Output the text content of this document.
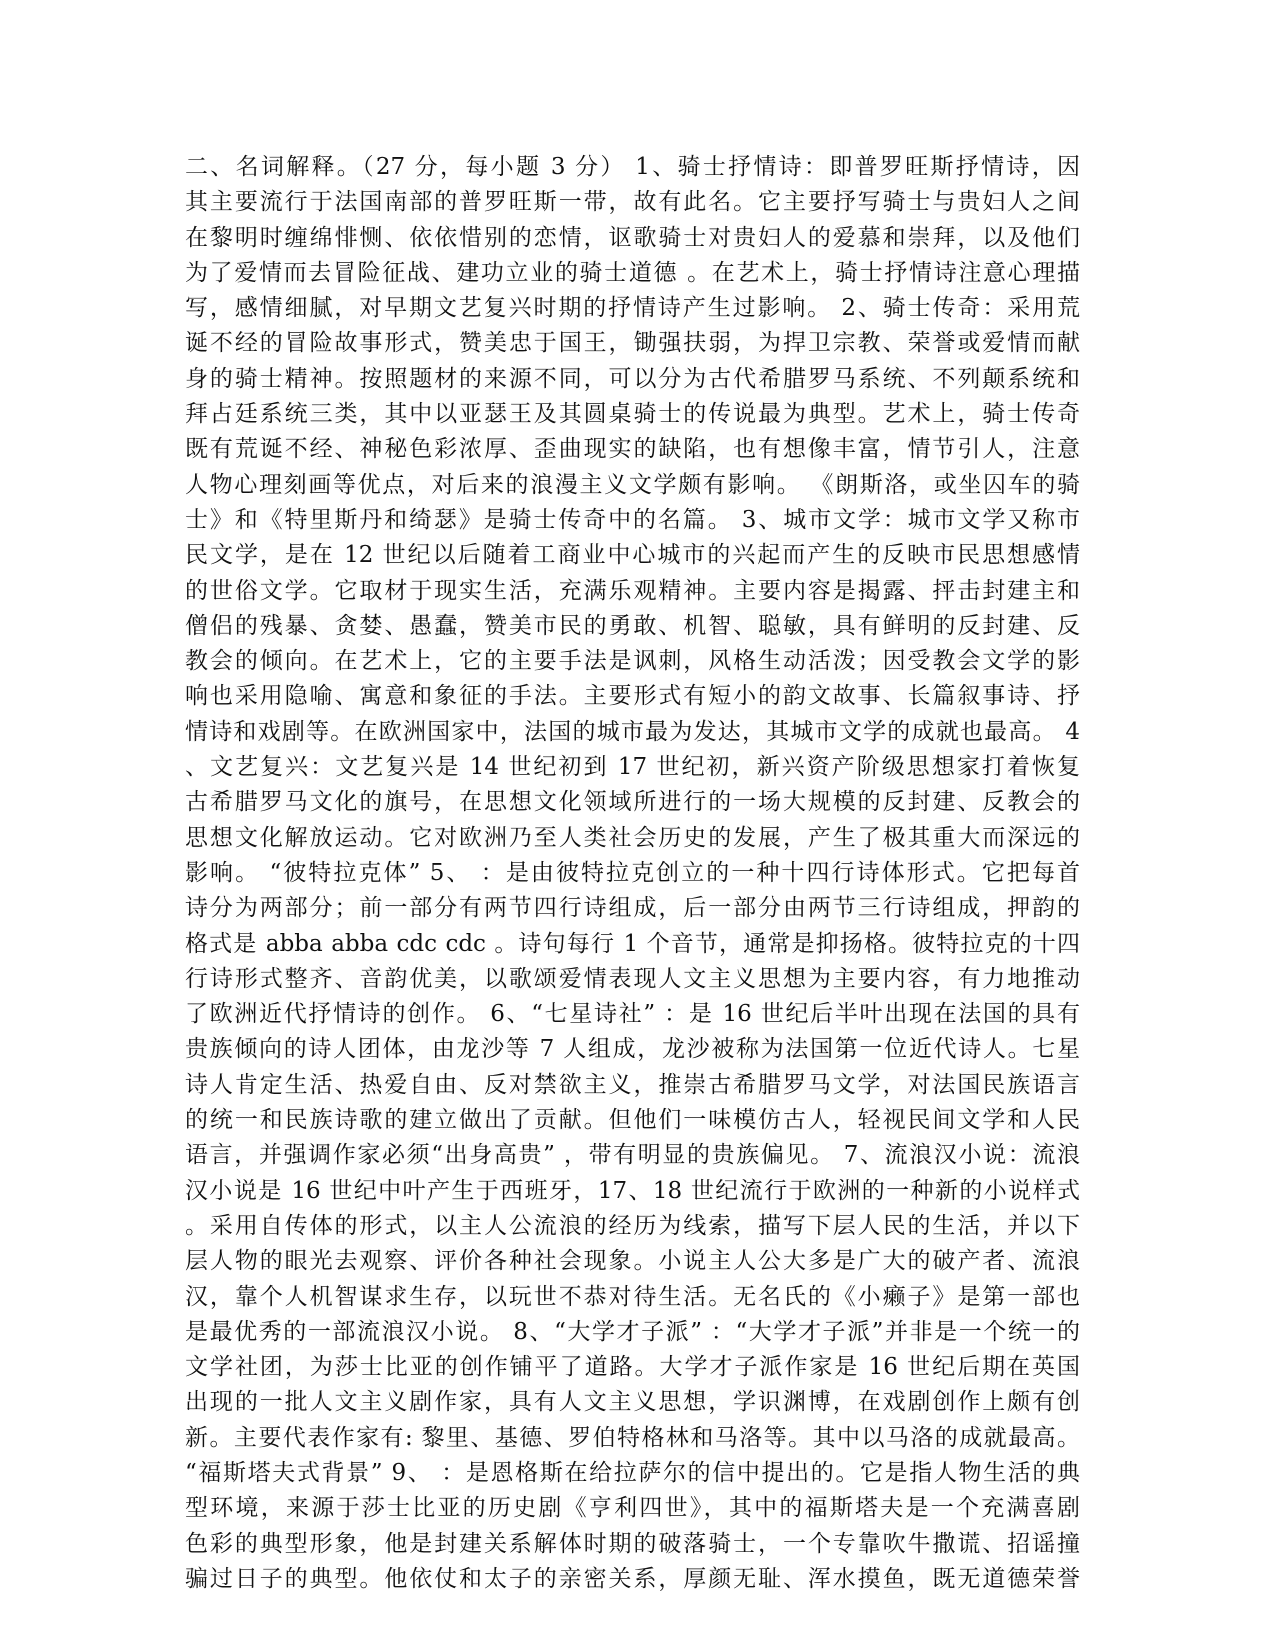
二、名词解释。（27 分，每小题 3 分） 1、骑士抒情诗：即普罗旺斯抒情诗，因
其主要流行于法国南部的普罗旺斯一带，故有此名。它主要抒写骑士与贵妇人之间
在黎明时缠绵悱恻、依依惜别的恋情，讴歌骑士对贵妇人的爱慕和崇拜，以及他们
为了爱情而去冒险征战、建功立业的骑士道德 。在艺术上，骑士抒情诗注意心理描
写，感情细腻，对早期文艺复兴时期的抒情诗产生过影响。 2、骑士传奇：采用荒
诞不经的冒险故事形式，赞美忠于国王，锄强扶弱，为捍卫宗教、荣誉或爱情而献
身的骑士精神。按照题材的来源不同，可以分为古代希腊罗马系统、不列颠系统和
拜占廷系统三类，其中以亚瑟王及其圆桌骑士的传说最为典型。艺术上，骑士传奇
既有荒诞不经、神秘色彩浓厚、歪曲现实的缺陷，也有想像丰富，情节引人，注意
人物心理刻画等优点，对后来的浪漫主义文学颇有影响。 《朗斯洛，或坐囚车的骑
士》和《特里斯丹和绮瑟》是骑士传奇中的名篇。 3、城市文学：城市文学又称市
民文学，是在 12 世纪以后随着工商业中心城市的兴起而产生的反映市民思想感情
的世俗文学。它取材于现实生活，充满乐观精神。主要内容是揭露、抨击封建主和
僧侣的残暴、贪婪、愚蠢，赞美市民的勇敢、机智、聪敏，具有鲜明的反封建、反
教会的倾向。在艺术上，它的主要手法是讽刺，风格生动活泼；因受教会文学的影
响也采用隐喻、寓意和象征的手法。主要形式有短小的韵文故事、长篇叙事诗、抒
情诗和戏剧等。在欧洲国家中，法国的城市最为发达，其城市文学的成就也最高。 4
、文艺复兴：文艺复兴是 14 世纪初到 17 世纪初，新兴资产阶级思想家打着恢复
古希腊罗马文化的旗号，在思想文化领域所进行的一场大规模的反封建、反教会的
思想文化解放运动。它对欧洲乃至人类社会历史的发展，产生了极其重大而深远的
影响。 “彼特拉克体” 5、 ：是由彼特拉克创立的一种十四行诗体形式。它把每首
诗分为两部分；前一部分有两节四行诗组成，后一部分由两节三行诗组成，押韵的
格式是 abba abba cdc cdc 。诗句每行 1 个音节，通常是抑扬格。彼特拉克的十四
行诗形式整齐、音韵优美，以歌颂爱情表现人文主义思想为主要内容，有力地推动
了欧洲近代抒情诗的创作。 6、“七星诗社” ：是 16 世纪后半叶出现在法国的具有
贵族倾向的诗人团体，由龙沙等 7 人组成，龙沙被称为法国第一位近代诗人。七星
诗人肯定生活、热爱自由、反对禁欲主义，推崇古希腊罗马文学，对法国民族语言
的统一和民族诗歌的建立做出了贡献。但他们一味模仿古人，轻视民间文学和人民
语言，并强调作家必须“出身高贵” ，带有明显的贵族偏见。 7、流浪汉小说：流浪
汉小说是 16 世纪中叶产生于西班牙，17、18 世纪流行于欧洲的一种新的小说样式
。采用自传体的形式，以主人公流浪的经历为线索，描写下层人民的生活，并以下
层人物的眼光去观察、评价各种社会现象。小说主人公大多是广大的破产者、流浪
汉，靠个人机智谋求生存，以玩世不恭对待生活。无名氏的《小癞子》是第一部也
是最优秀的一部流浪汉小说。 8、“大学才子派” ：“大学才子派”并非是一个统一的
文学社团，为莎士比亚的创作铺平了道路。大学才子派作家是 16 世纪后期在英国
出现的一批人文主义剧作家，具有人文主义思想，学识渊博，在戏剧创作上颇有创
新。主要代表作家有: 黎里、基德、罗伯特格林和马洛等。其中以马洛的成就最高。
“福斯塔夫式背景” 9、 ：是恩格斯在给拉萨尔的信中提出的。它是指人物生活的典
型环境，来源于莎士比亚的历史剧《亨利四世》，其中的福斯塔夫是一个充满喜剧
色彩的典型形象，他是封建关系解体时期的破落骑士，一个专靠吹牛撒谎、招谣撞
骗过日子的典型。他依仗和太子的亲密关系，厚颜无耻、浑水摸鱼，既无道德荣誉
